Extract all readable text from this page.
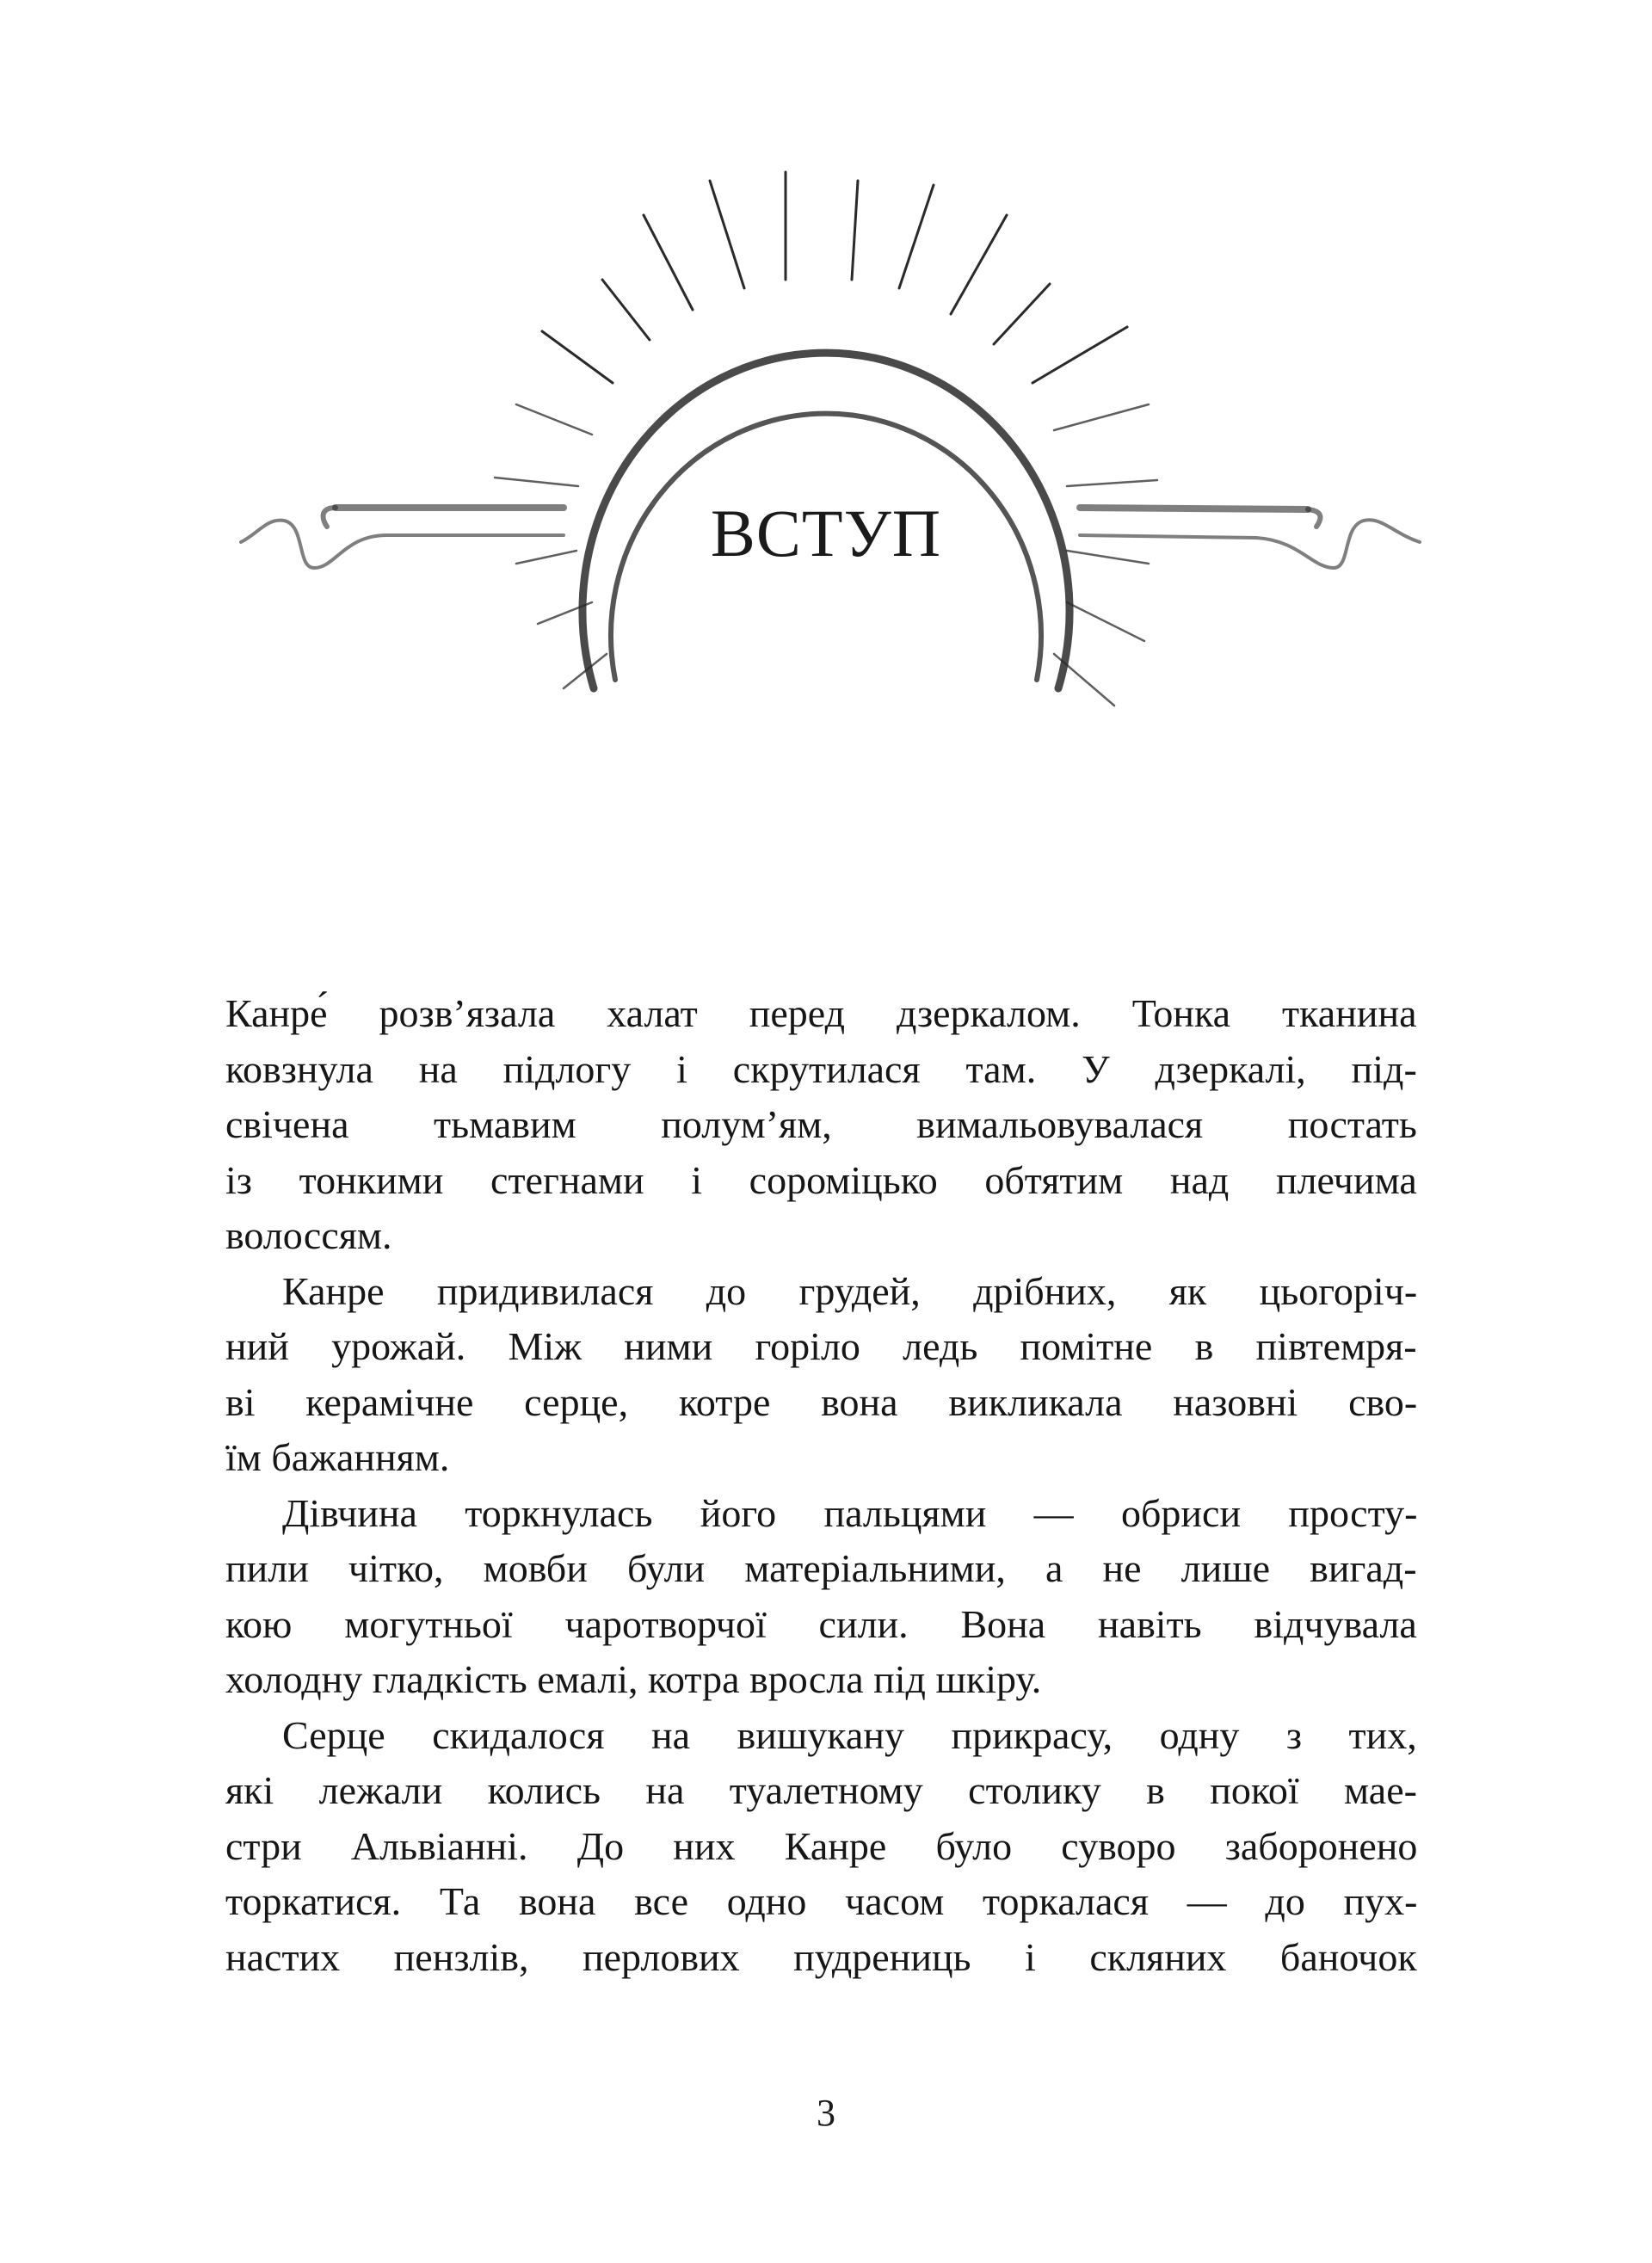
ВСТУП
Канре́ розв’язала халат перед дзеркалом. Тонка тканина
ковзнула на підлогу і скрутилася там. У дзеркалі, під-
свічена тьмавим полум’ям, вимальовувалася постать
із тонкими стегнами і сороміцько обтятим над плечима
волоссям.
Канре придивилася до грудей, дрібних, як цьогоріч-
ний урожай. Між ними горіло ледь помітне в півтемря-
ві керамічне серце, котре вона викликала назовні сво-
їм бажанням.
Дівчина торкнулась його пальцями — обриси просту-
пили чітко, мовби були матеріальними, а не лише вигад-
кою могутньої чаротворчої сили. Вона навіть відчувала
холодну гладкість емалі, котра вросла під шкіру.
Серце скидалося на вишукану прикрасу, одну з тих,
які лежали колись на туалетному столику в покої мае-
стри Альвіанні. До них Канре було суворо заборонено
торкатися. Та вона все одно часом торкалася — до пух-
настих пензлів, перлових пудрениць і скляних баночок
3
